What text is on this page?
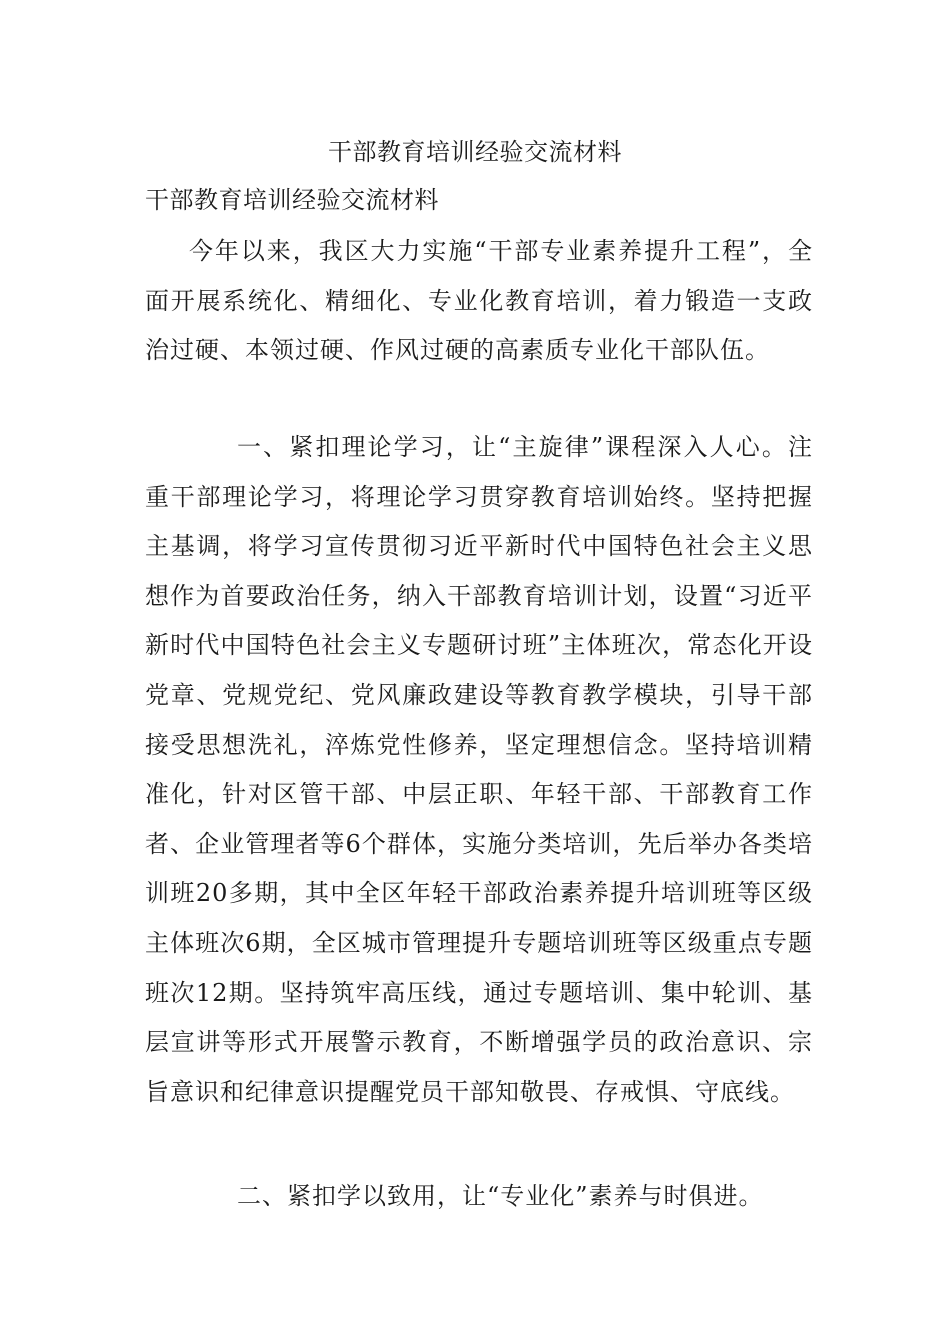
干部教育培训经验交流材料
干部教育培训经验交流材料

今年以来，我区大力实施“干部专业素养提升工程”，全面开展系统化、精细化、专业化教育培训，着力锻造一支政治过硬、本领过硬、作风过硬的高素质专业化干部队伍。

一、紧扣理论学习，让“主旋律”课程深入人心。注重干部理论学习，将理论学习贯穿教育培训始终。坚持把握主基调，将学习宣传贯彻习近平新时代中国特色社会主义思想作为首要政治任务，纳入干部教育培训计划，设置“习近平新时代中国特色社会主义专题研讨班”主体班次，常态化开设党章、党规党纪、党风廉政建设等教育教学模块，引导干部接受思想洗礼，淬炼党性修养，坚定理想信念。坚持培训精准化，针对区管干部、中层正职、年轻干部、干部教育工作者、企业管理者等6个群体，实施分类培训，先后举办各类培训班20多期，其中全区年轻干部政治素养提升培训班等区级主体班次6期，全区城市管理提升专题培训班等区级重点专题班次12期。坚持筑牢高压线，通过专题培训、集中轮训、基层宣讲等形式开展警示教育，不断增强学员的政治意识、宗旨意识和纪律意识提醒党员干部知敬畏、存戒惧、守底线。

二、紧扣学以致用，让“专业化”素养与时俱进。
